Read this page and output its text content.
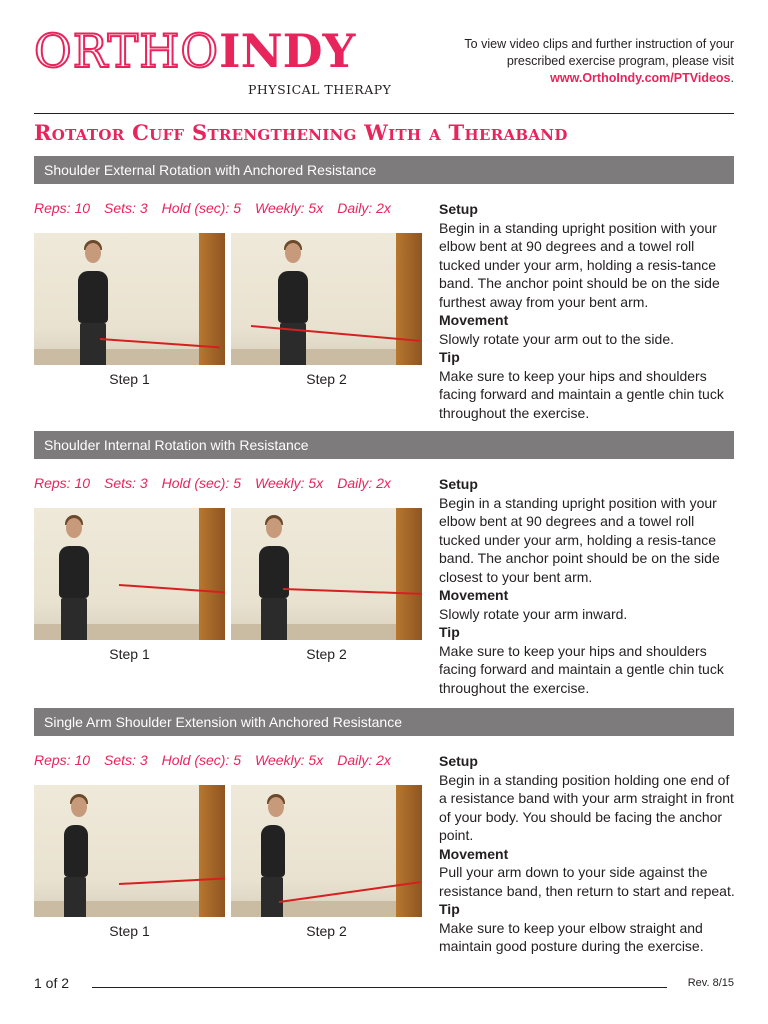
ORTHOINDY
PHYSICAL THERAPY
To view video clips and further instruction of your prescribed exercise program, please visit www.OrthoIndy.com/PTVideos.
Rotator Cuff Strengthening With a Theraband
Shoulder External Rotation with Anchored Resistance
Reps: 10 Sets: 3 Hold (sec): 5 Weekly: 5x Daily: 2x
Step 1	Step 2
Setup
Begin in a standing upright position with your elbow bent at 90 degrees and a towel roll tucked under your arm, holding a resis-tance band. The anchor point should be on the side furthest away from your bent arm.
Movement
Slowly rotate your arm out to the side.
Tip
Make sure to keep your hips and shoulders facing forward and maintain a gentle chin tuck throughout the exercise.
Shoulder Internal Rotation with Resistance
Reps: 10 Sets: 3 Hold (sec): 5 Weekly: 5x Daily: 2x
Step 1	Step 2
Setup
Begin in a standing upright position with your elbow bent at 90 degrees and a towel roll tucked under your arm, holding a resis-tance band. The anchor point should be on the side closest to your bent arm.
Movement
Slowly rotate your arm inward.
Tip
Make sure to keep your hips and shoulders facing forward and maintain a gentle chin tuck throughout the exercise.
Single Arm Shoulder Extension with Anchored Resistance
Reps: 10 Sets: 3 Hold (sec): 5 Weekly: 5x Daily: 2x
Step 1	Step 2
Setup
Begin in a standing position holding one end of a resistance band with your arm straight in front of your body. You should be facing the anchor point.
Movement
Pull your arm down to your side against the resistance band, then return to start and repeat.
Tip
Make sure to keep your elbow straight and maintain good posture during the exercise.
1 of 2	Rev. 8/15
